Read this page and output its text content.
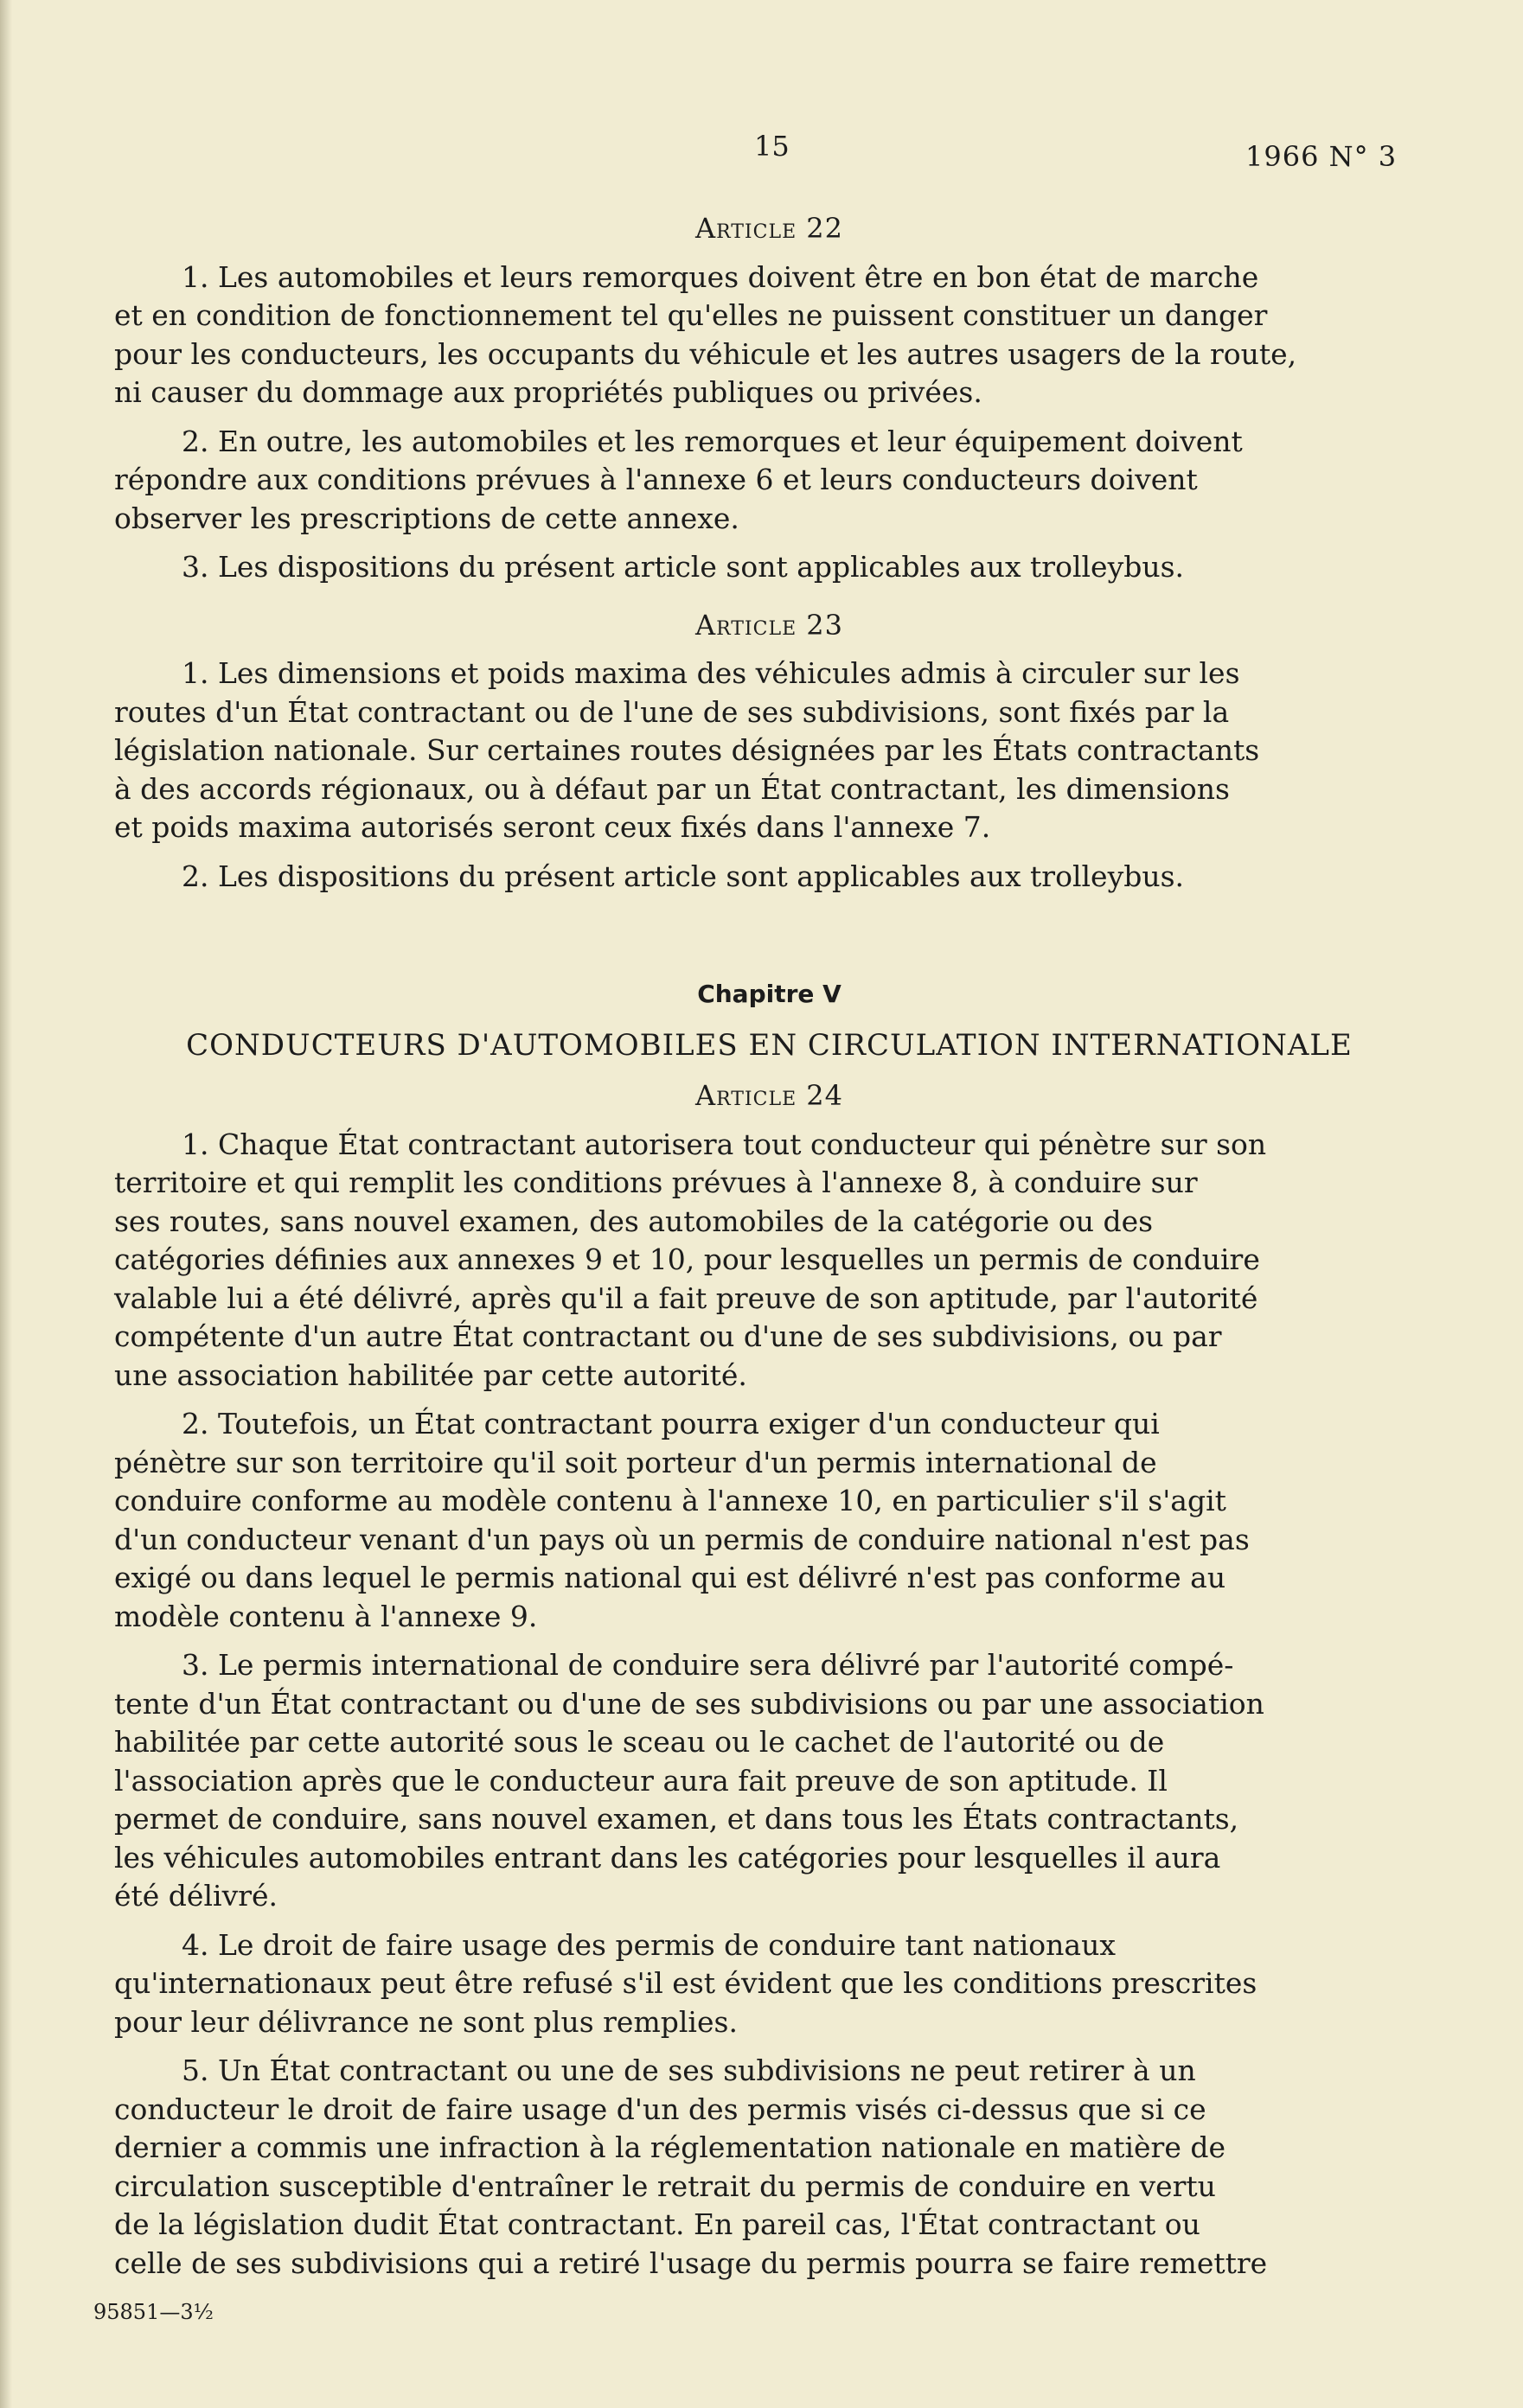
15	1966 N° 3
Article 22

1. Les automobiles et leurs remorques doivent être en bon état de marche
et en condition de fonctionnement tel qu'elles ne puissent constituer un danger
pour les conducteurs, les occupants du véhicule et les autres usagers de la route,
ni causer du dommage aux propriétés publiques ou privées.

2. En outre, les automobiles et les remorques et leur équipement doivent
répondre aux conditions prévues à l'annexe 6 et leurs conducteurs doivent
observer les prescriptions de cette annexe.

3. Les dispositions du présent article sont applicables aux trolleybus.

Article 23

1. Les dimensions et poids maxima des véhicules admis à circuler sur les
routes d'un État contractant ou de l'une de ses subdivisions, sont fixés par la
législation nationale. Sur certaines routes désignées par les États contractants
à des accords régionaux, ou à défaut par un État contractant, les dimensions
et poids maxima autorisés seront ceux fixés dans l'annexe 7.

2. Les dispositions du présent article sont applicables aux trolleybus.

Chapitre V
CONDUCTEURS D'AUTOMOBILES EN CIRCULATION INTERNATIONALE
Article 24

1. Chaque État contractant autorisera tout conducteur qui pénètre sur son
territoire et qui remplit les conditions prévues à l'annexe 8, à conduire sur
ses routes, sans nouvel examen, des automobiles de la catégorie ou des
catégories définies aux annexes 9 et 10, pour lesquelles un permis de conduire
valable lui a été délivré, après qu'il a fait preuve de son aptitude, par l'autorité
compétente d'un autre État contractant ou d'une de ses subdivisions, ou par
une association habilitée par cette autorité.

2. Toutefois, un État contractant pourra exiger d'un conducteur qui
pénètre sur son territoire qu'il soit porteur d'un permis international de
conduire conforme au modèle contenu à l'annexe 10, en particulier s'il s'agit
d'un conducteur venant d'un pays où un permis de conduire national n'est pas
exigé ou dans lequel le permis national qui est délivré n'est pas conforme au
modèle contenu à l'annexe 9.

3. Le permis international de conduire sera délivré par l'autorité compé-
tente d'un État contractant ou d'une de ses subdivisions ou par une association
habilitée par cette autorité sous le sceau ou le cachet de l'autorité ou de
l'association après que le conducteur aura fait preuve de son aptitude. Il
permet de conduire, sans nouvel examen, et dans tous les États contractants,
les véhicules automobiles entrant dans les catégories pour lesquelles il aura
été délivré.

4. Le droit de faire usage des permis de conduire tant nationaux
qu'internationaux peut être refusé s'il est évident que les conditions prescrites
pour leur délivrance ne sont plus remplies.

5. Un État contractant ou une de ses subdivisions ne peut retirer à un
conducteur le droit de faire usage d'un des permis visés ci-dessus que si ce
dernier a commis une infraction à la réglementation nationale en matière de
circulation susceptible d'entraîner le retrait du permis de conduire en vertu
de la législation dudit État contractant. En pareil cas, l'État contractant ou
celle de ses subdivisions qui a retiré l'usage du permis pourra se faire remettre

95851—3½
